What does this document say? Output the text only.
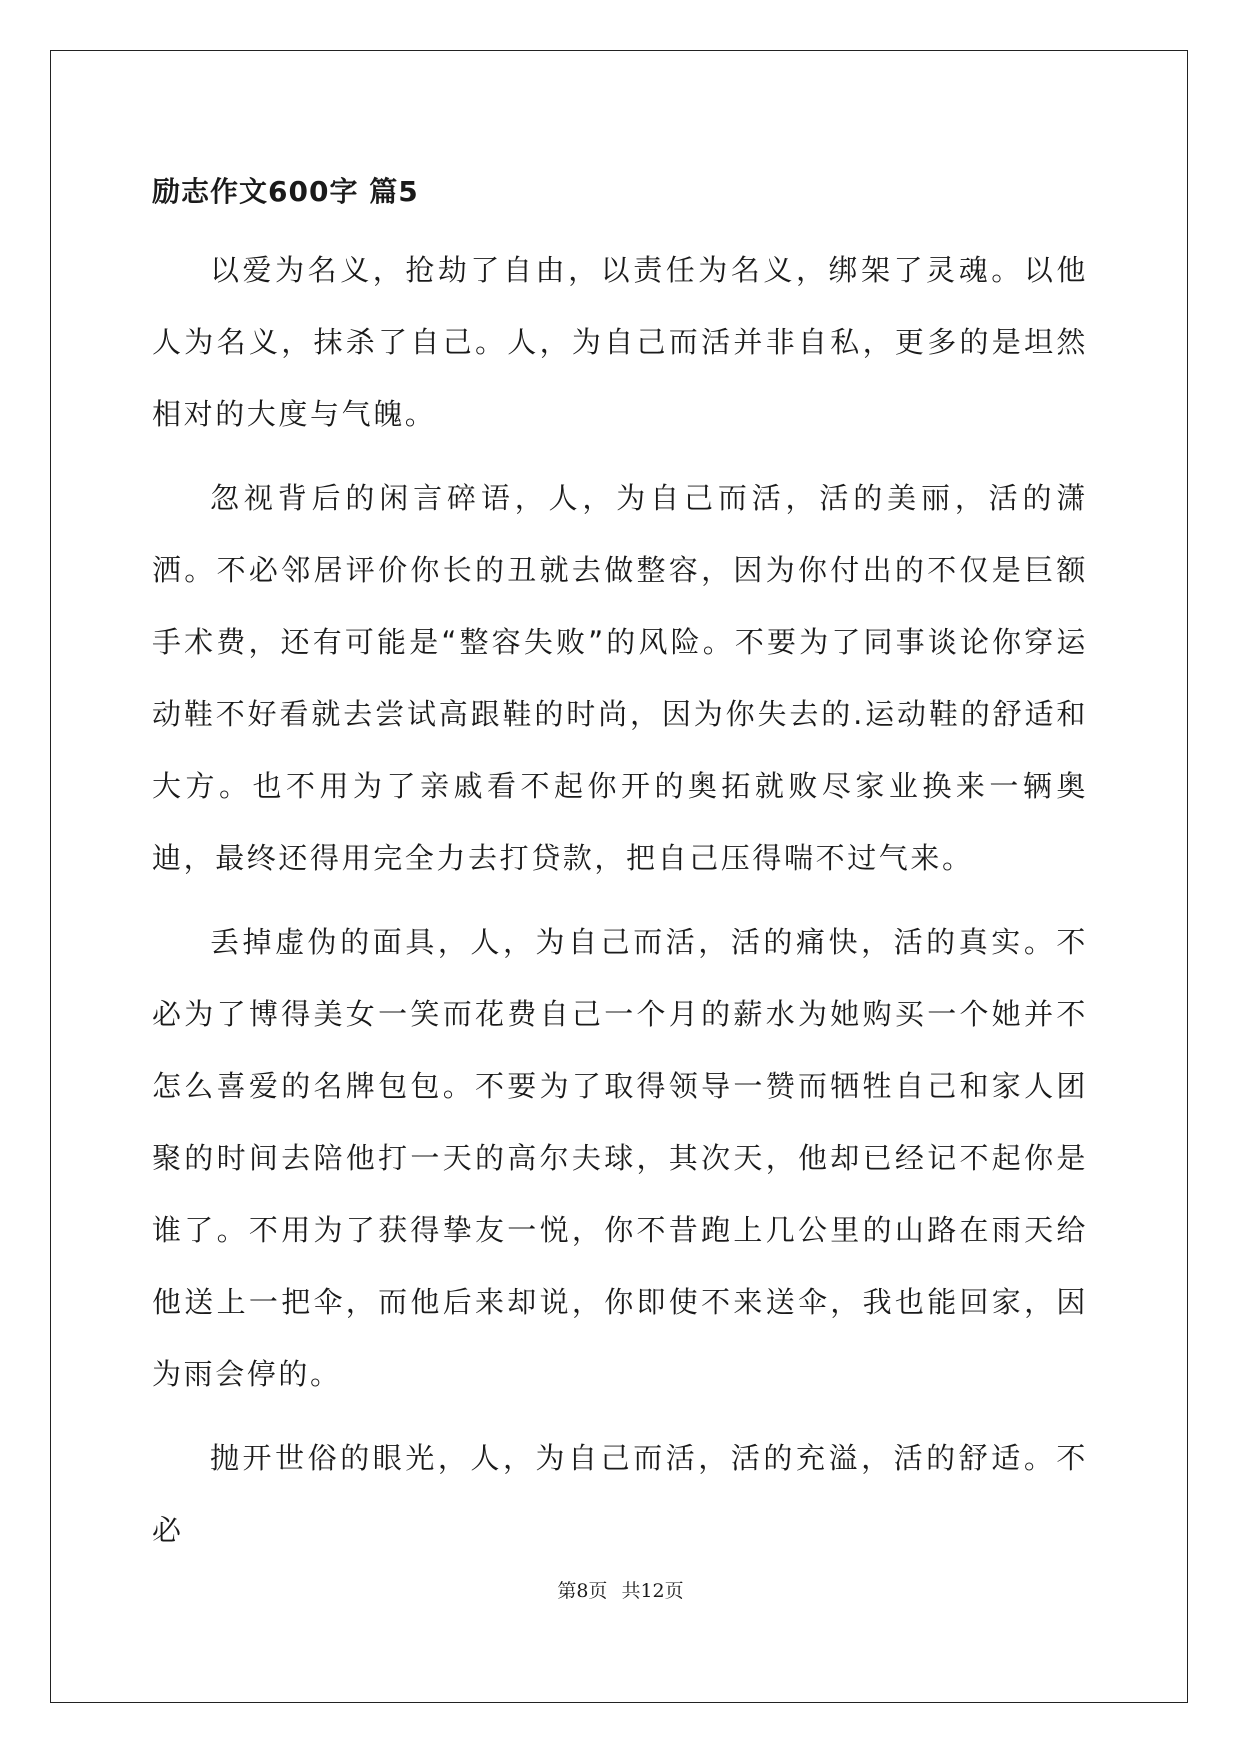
励志作文600字 篇5

以爱为名义，抢劫了自由，以责任为名义，绑架了灵魂。以他人为名义，抹杀了自己。人，为自己而活并非自私，更多的是坦然相对的大度与气魄。

忽视背后的闲言碎语，人，为自己而活，活的美丽，活的潇洒。不必邻居评价你长的丑就去做整容，因为你付出的不仅是巨额手术费，还有可能是“整容失败”的风险。不要为了同事谈论你穿运动鞋不好看就去尝试高跟鞋的时尚，因为你失去的.运动鞋的舒适和大方。也不用为了亲戚看不起你开的奥拓就败尽家业换来一辆奥迪，最终还得用完全力去打贷款，把自己压得喘不过气来。

丢掉虚伪的面具，人，为自己而活，活的痛快，活的真实。不必为了博得美女一笑而花费自己一个月的薪水为她购买一个她并不怎么喜爱的名牌包包。不要为了取得领导一赞而牺牲自己和家人团聚的时间去陪他打一天的高尔夫球，其次天，他却已经记不起你是谁了。不用为了获得挚友一悦，你不昔跑上几公里的山路在雨天给他送上一把伞，而他后来却说，你即使不来送伞，我也能回家，因为雨会停的。

抛开世俗的眼光，人，为自己而活，活的充溢，活的舒适。不必

第8页 共12页
